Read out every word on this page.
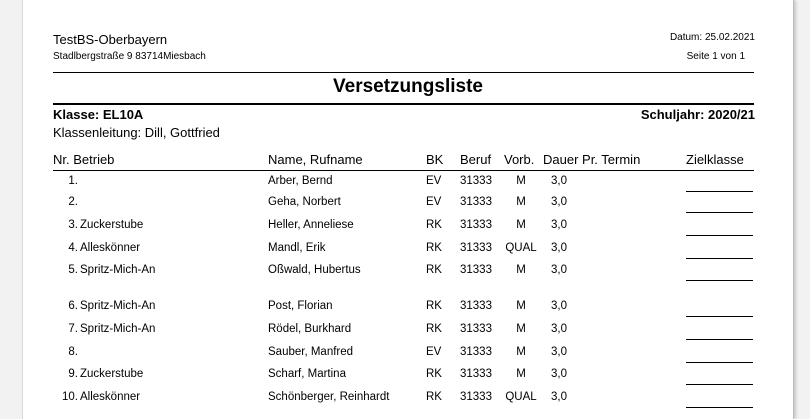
TestBS-Oberbayern
Stadlbergstraße 9 83714Miesbach
Datum: 25.02.2021
Seite 1 von 1
Versetzungsliste
Klasse: EL10A	Schuljahr: 2020/21
Klassenleitung: Dill, Gottfried
Nr. Betrieb	Name, Rufname	BK Beruf Vorb. Dauer Pr. Termin	Zielklasse
1.	Arber, Bernd	EV 31333	M	3,0
2.	Geha, Norbert	EV 31333	M	3,0
3. Zuckerstube	Heller, Anneliese	RK 31333	M	3,0
4. Alleskönner	Mandl, Erik	RK 31333	QUAL	3,0
5. Spritz-Mich-An	Oßwald, Hubertus	RK 31333	M	3,0
6. Spritz-Mich-An	Post, Florian	RK 31333	M	3,0
7. Spritz-Mich-An	Rödel, Burkhard	RK 31333	M	3,0
8.	Sauber, Manfred	EV 31333	M	3,0
9. Zuckerstube	Scharf, Martina	RK 31333	M	3,0
10. Alleskönner	Schönberger, Reinhardt	RK 31333	QUAL	3,0
